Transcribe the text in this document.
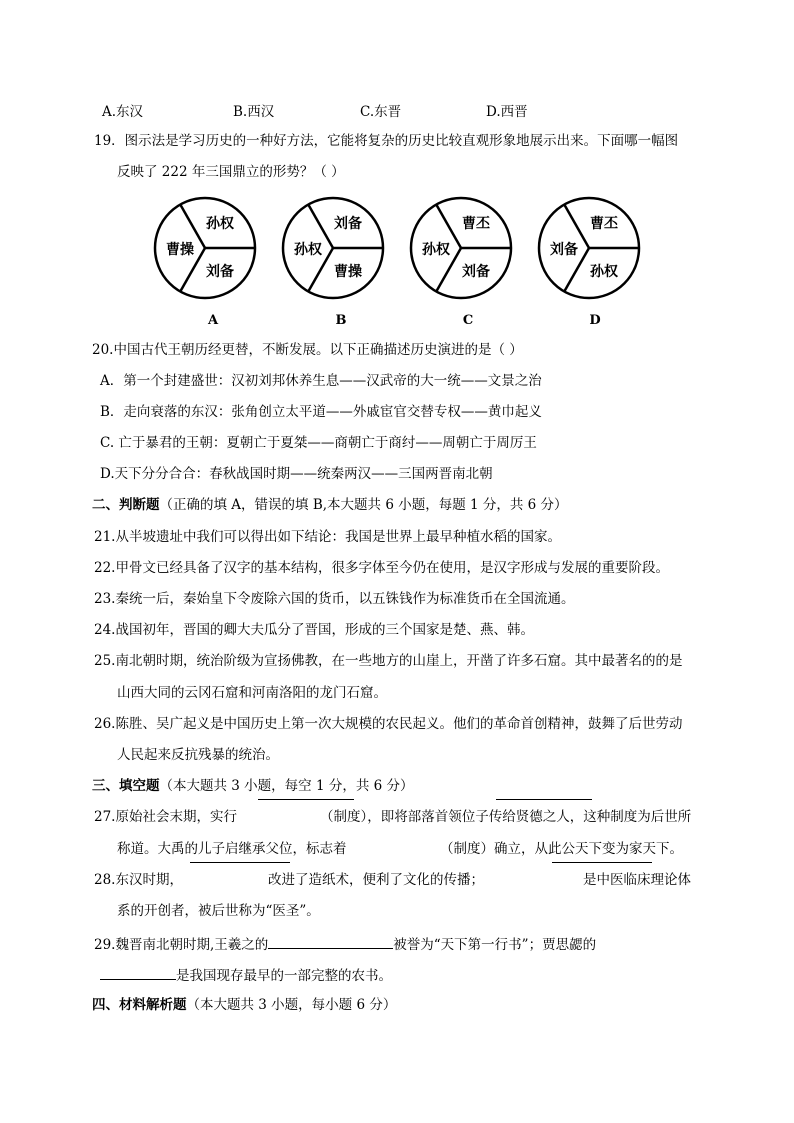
A.东汉	B.西汉	C.东晋	D.西晋
19．图示法是学习历史的一种好方法，它能将复杂的历史比较直观形象地展示出来。下面哪一幅图
反映了 222 年三国鼎立的形势？（ ）
孙权
刘备
曹操
A
刘备
曹操
孙权
B
曹丕
刘备
孙权
C
曹丕
孙权
刘备
D
20.中国古代王朝历经更替，不断发展。以下正确描述历史演进的是（ ）
A．第一个封建盛世：汉初刘邦休养生息——汉武帝的大一统——文景之治
B．走向衰落的东汉：张角创立太平道——外戚宦官交替专权——黄巾起义
C. 亡于暴君的王朝：夏朝亡于夏桀——商朝亡于商纣——周朝亡于周厉王
D.天下分分合合：春秋战国时期——统秦两汉——三国两晋南北朝
二、判断题（正确的填 A，错误的填 B,本大题共 6 小题，每题 1 分，共 6 分）
21.从半坡遗址中我们可以得出如下结论：我国是世界上最早种植水稻的国家。
22.甲骨文已经具备了汉字的基本结构，很多字体至今仍在使用，是汉字形成与发展的重要阶段。
23.秦统一后，秦始皇下令废除六国的货币，以五铢钱作为标准货币在全国流通。
24.战国初年，晋国的卿大夫瓜分了晋国，形成的三个国家是楚、燕、韩。
25.南北朝时期，统治阶级为宣扬佛教，在一些地方的山崖上，开凿了许多石窟。其中最著名的的是
山西大同的云冈石窟和河南洛阳的龙门石窟。
26.陈胜、吴广起义是中国历史上第一次大规模的农民起义。他们的革命首创精神，鼓舞了后世劳动
人民起来反抗残暴的统治。
三、填空题（本大题共 3 小题，每空 1 分，共 6 分）
27.原始社会末期，实行	（制度），即将部落首领位子传给贤德之人，这种制度为后世所
称道。大禹的儿子启继承父位，标志着	（制度）确立，从此公天下变为家天下。
28.东汉时期，	改进了造纸术，便利了文化的传播；	是中医临床理论体
系的开创者，被后世称为“医圣”。
29.魏晋南北朝时期,王羲之的	被誉为“天下第一行书”；贾思勰的
是我国现存最早的一部完整的农书。
四、材料解析题（本大题共 3 小题，每小题 6 分）
